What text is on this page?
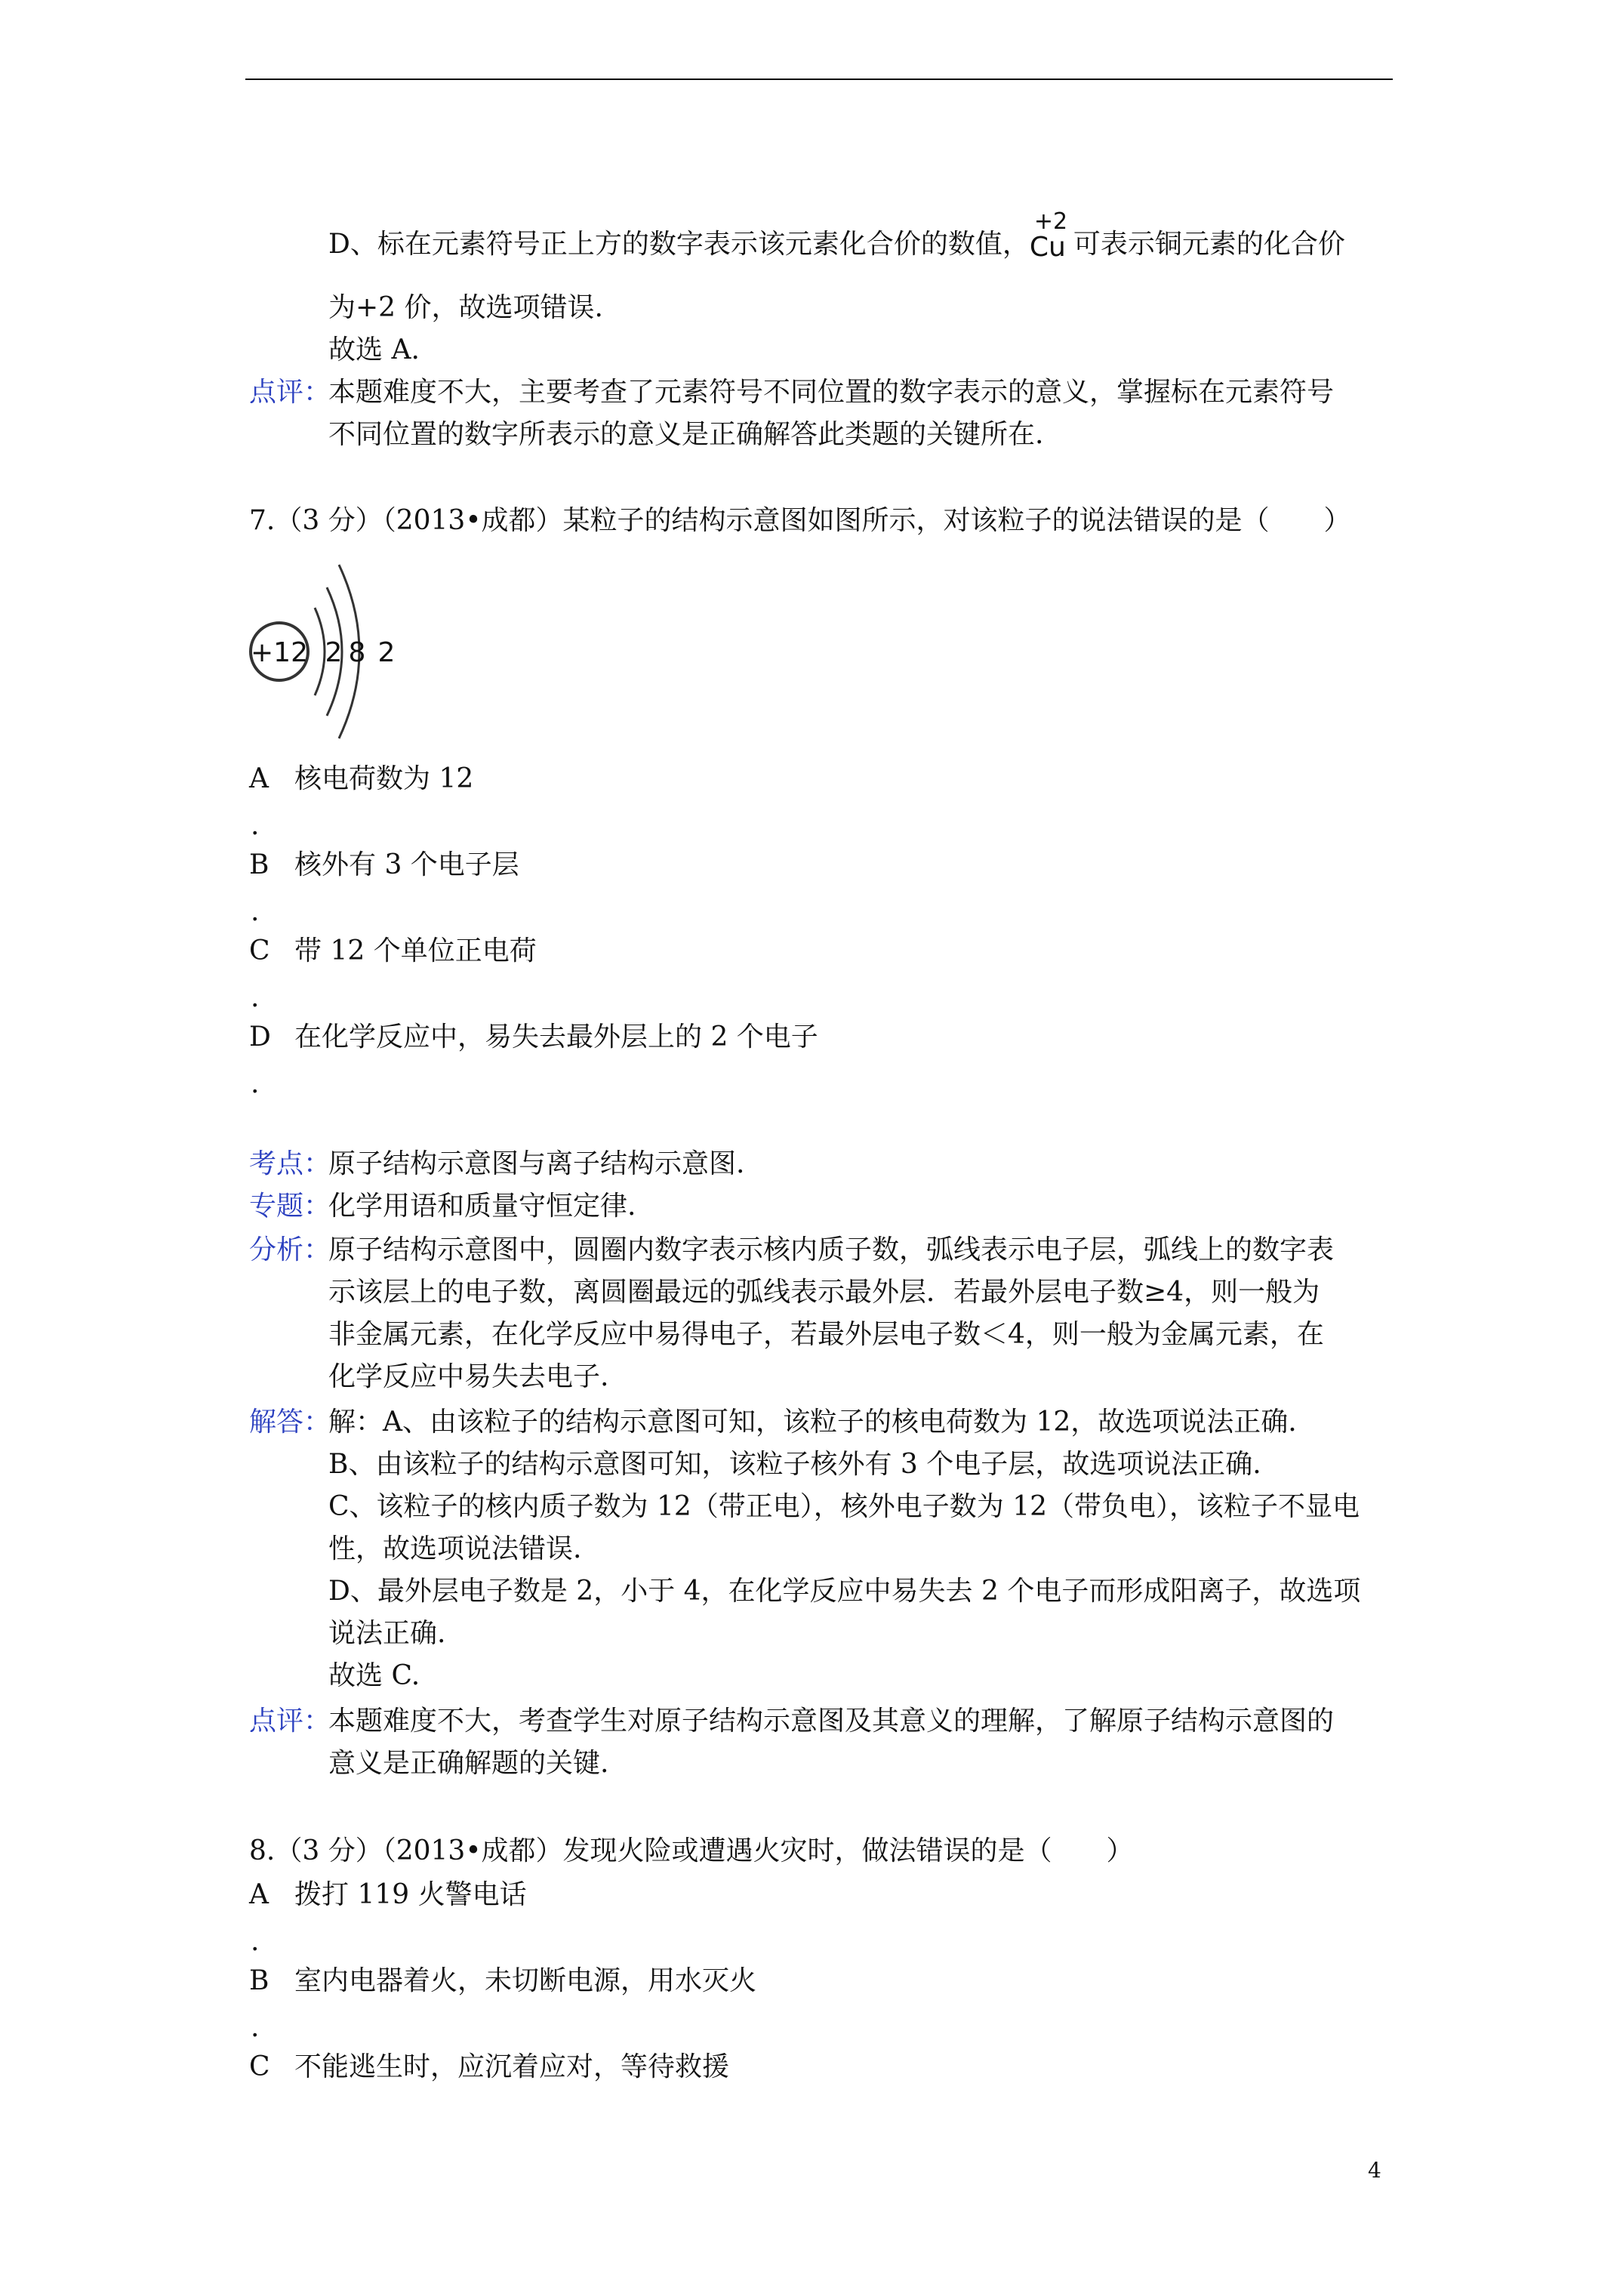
D、标在元素符号正上方的数字表示该元素化合价的数值，
+2
Cu 可表示铜元素的化合价
为+2 价，故选项错误.
故选 A.
点评：
本题难度不大，主要考查了元素符号不同位置的数字表示的意义，掌握标在元素符号
不同位置的数字所表示的意义是正确解答此类题的关键所在.
7.（3 分）（2013•成都）某粒子的结构示意图如图所示，对该粒子的说法错误的是（　　）
+12 2 8 2
A 核电荷数为 12
.
B 核外有 3 个电子层
.
C 带 12 个单位正电荷
.
D 在化学反应中，易失去最外层上的 2 个电子
.
考点：
原子结构示意图与离子结构示意图.
专题：
化学用语和质量守恒定律.
分析：
原子结构示意图中，圆圈内数字表示核内质子数，弧线表示电子层，弧线上的数字表
示该层上的电子数，离圆圈最远的弧线表示最外层．若最外层电子数≥4，则一般为
非金属元素，在化学反应中易得电子，若最外层电子数＜4，则一般为金属元素，在
化学反应中易失去电子.
解答：
解：A、由该粒子的结构示意图可知，该粒子的核电荷数为 12，故选项说法正确.
B、由该粒子的结构示意图可知，该粒子核外有 3 个电子层，故选项说法正确.
C、该粒子的核内质子数为 12（带正电），核外电子数为 12（带负电），该粒子不显电
性，故选项说法错误.
D、最外层电子数是 2，小于 4，在化学反应中易失去 2 个电子而形成阳离子，故选项
说法正确.
故选 C.
点评：
本题难度不大，考查学生对原子结构示意图及其意义的理解，了解原子结构示意图的
意义是正确解题的关键.
8.（3 分）（2013•成都）发现火险或遭遇火灾时，做法错误的是（　　）
A 拨打 119 火警电话
.
B 室内电器着火，未切断电源，用水灭火
.
C 不能逃生时，应沉着应对，等待救援
4
